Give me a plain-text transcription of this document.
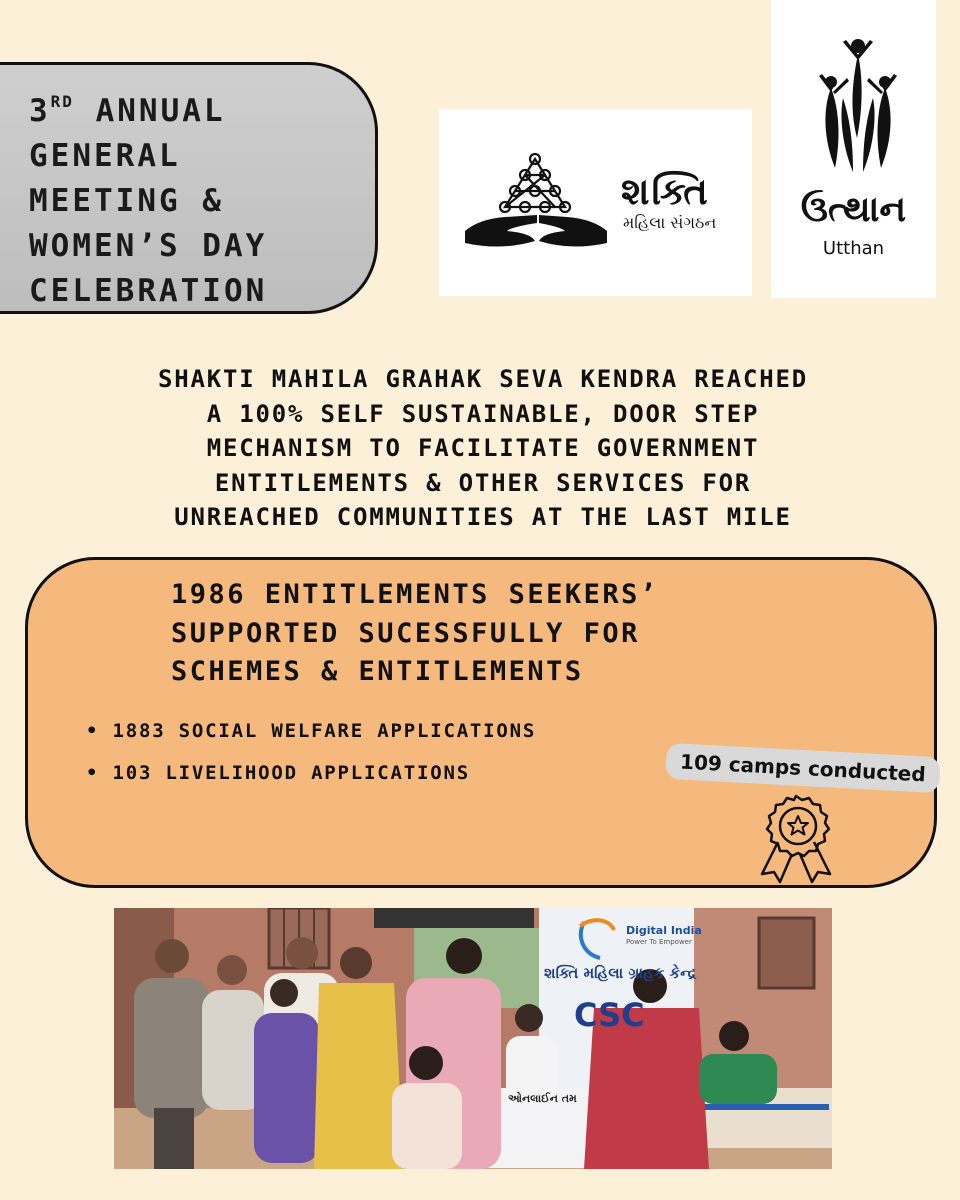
3RD ANNUAL
GENERAL
MEETING &
WOMEN’S DAY
CELEBRATION
શક્તિ
મહિલા સંગઠન	ઉત્થાન
Utthan
SHAKTI MAHILA GRAHAK SEVA KENDRA REACHED
A 100% SELF SUSTAINABLE, DOOR STEP
MECHANISM TO FACILITATE GOVERNMENT
ENTITLEMENTS & OTHER SERVICES FOR
UNREACHED COMMUNITIES AT THE LAST MILE
1986 ENTITLEMENTS SEEKERS’
SUPPORTED SUCESSFULLY FOR
SCHEMES & ENTITLEMENTS
• 1883 SOCIAL WELFARE APPLICATIONS
• 103 LIVELIHOOD APPLICATIONS	109 camps conducted
Digital India
Power To Empower
શક્તિ મહિલા ગ્રાહક કેન્દ્ર
CSC
ઓનલાઈન તમ
